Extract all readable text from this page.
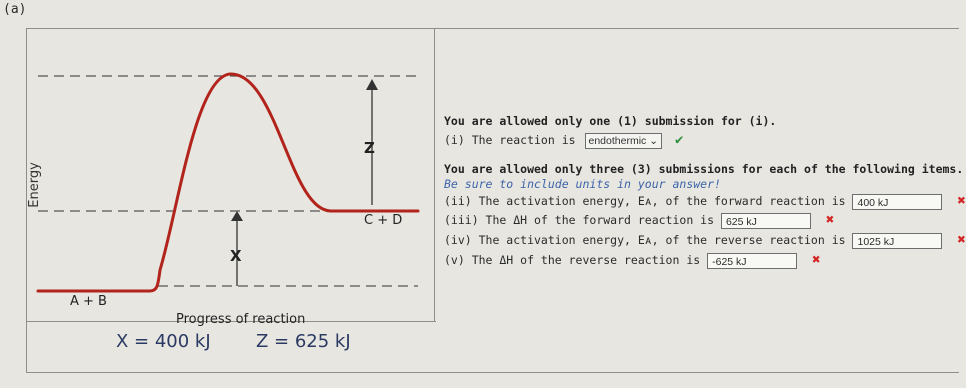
(a)
Energy
Z
X
A + B
C + D
Progress of reaction
X = 400 kJ	Z = 625 kJ
You are allowed only one (1) submission for (i).
(i) The reaction is endothermic ⌄ ✔
You are allowed only three (3) submissions for each of the following items.
Be sure to include units in your answer!
(ii) The activation energy, Eᴀ, of the forward reaction is 400 kJ	✖
(iii) The ΔH of the forward reaction is 625 kJ	✖
(iv) The activation energy, Eᴀ, of the reverse reaction is 1025 kJ	✖
(v) The ΔH of the reverse reaction is -625 kJ	✖
